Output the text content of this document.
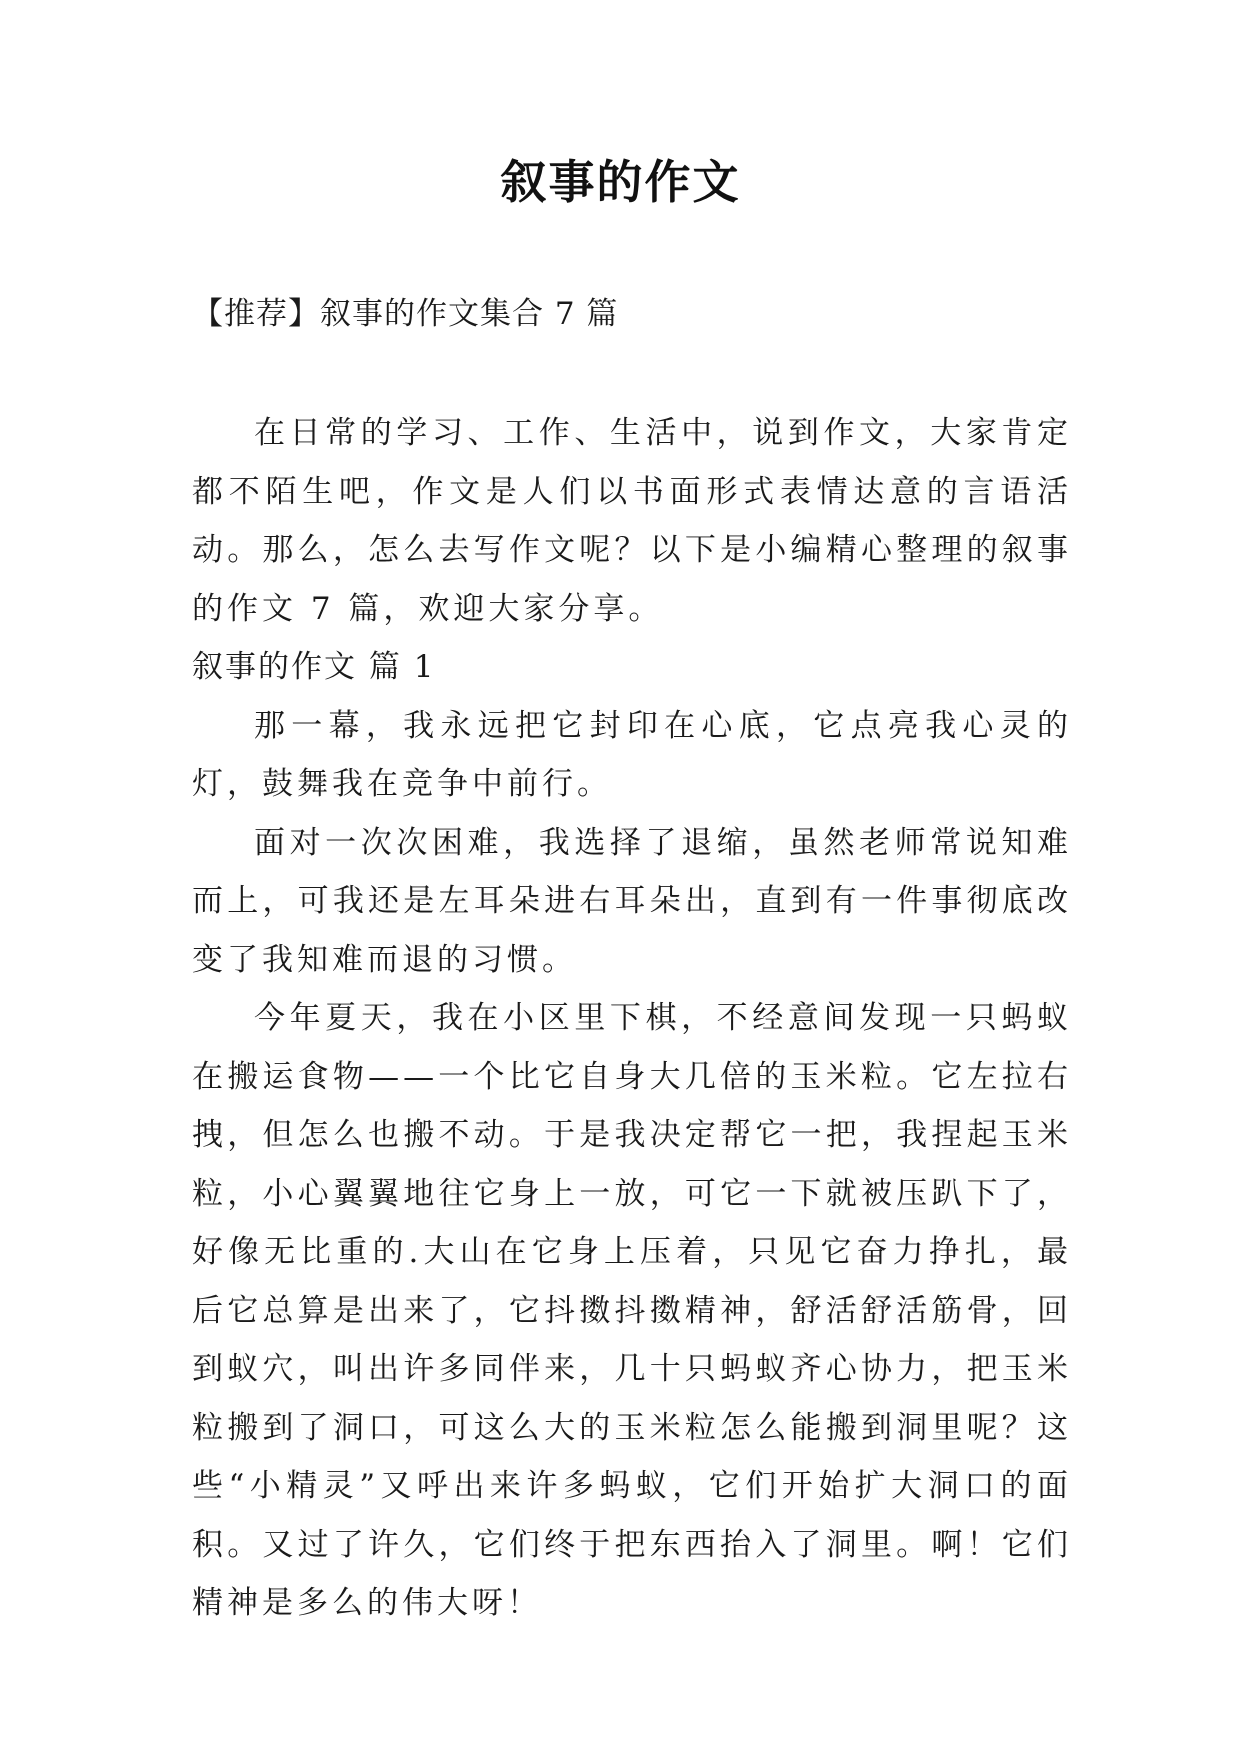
叙事的作文
【推荐】叙事的作文集合 7 篇

在日常的学习、工作、生活中，说到作文，大家肯定都不陌生吧，作文是人们以书面形式表情达意的言语活动。那么，怎么去写作文呢？以下是小编精心整理的叙事的作文 7 篇，欢迎大家分享。

叙事的作文 篇 1

那一幕，我永远把它封印在心底，它点亮我心灵的灯，鼓舞我在竞争中前行。

面对一次次困难，我选择了退缩，虽然老师常说知难而上，可我还是左耳朵进右耳朵出，直到有一件事彻底改变了我知难而退的习惯。

今年夏天，我在小区里下棋，不经意间发现一只蚂蚁在搬运食物——一个比它自身大几倍的玉米粒。它左拉右拽，但怎么也搬不动。于是我决定帮它一把，我捏起玉米粒，小心翼翼地往它身上一放，可它一下就被压趴下了，好像无比重的.大山在它身上压着，只见它奋力挣扎，最后它总算是出来了，它抖擞抖擞精神，舒活舒活筋骨，回到蚁穴，叫出许多同伴来，几十只蚂蚁齐心协力，把玉米粒搬到了洞口，可这么大的玉米粒怎么能搬到洞里呢？这些“小精灵”又呼出来许多蚂蚁，它们开始扩大洞口的面积。又过了许久，它们终于把东西抬入了洞里。啊！它们精神是多么的伟大呀！
